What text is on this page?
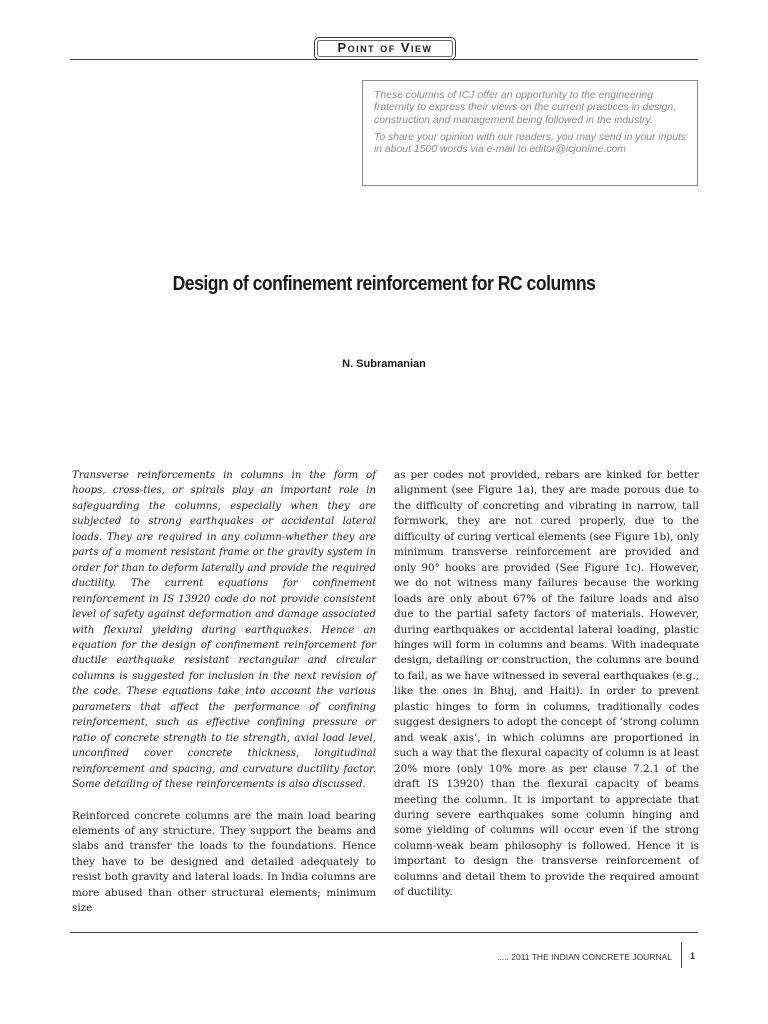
Point of View

These columns of ICJ offer an opportunity to the engineering fraternity to express their views on the current practices in design, construction and management being followed in the industry.

To share your opinion with our readers, you may send in your inputs in about 1500 words via e-mail to editor@icjonline.com

Design of confinement reinforcement for RC columns
N. Subramanian

Transverse reinforcements in columns in the form of hoops, cross-ties, or spirals play an important role in safeguarding the columns, especially when they are subjected to strong earthquakes or accidental lateral loads. They are required in any column-whether they are parts of a moment resistant frame or the gravity system in order for than to deform laterally and provide the required ductility. The current equations for confinement reinforcement in IS 13920 code do not provide consistent level of safety against deformation and damage associated with flexural yielding during earthquakes. Hence an equation for the design of confinement reinforcement for ductile earthquake resistant rectangular and circular columns is suggested for inclusion in the next revision of the code. These equations take into account the various parameters that affect the performance of confining reinforcement, such as effective confining pressure or ratio of concrete strength to tie strength, axial load level, unconfined cover concrete thickness, longitudinal reinforcement and spacing, and curvature ductility factor. Some detailing of these reinforcements is also discussed.

Reinforced concrete columns are the main load bearing elements of any structure. They support the beams and slabs and transfer the loads to the foundations. Hence they have to be designed and detailed adequately to resist both gravity and lateral loads. In India columns are more abused than other structural elements; minimum size

as per codes not provided, rebars are kinked for better alignment (see Figure 1a), they are made porous due to the difficulty of concreting and vibrating in narrow, tall formwork, they are not cured properly, due to the difficulty of curing vertical elements (see Figure 1b), only minimum transverse reinforcement are provided and only 90° hooks are provided (See Figure 1c). However, we do not witness many failures because the working loads are only about 67% of the failure loads and also due to the partial safety factors of materials. However, during earthquakes or accidental lateral loading, plastic hinges will form in columns and beams. With inadequate design, detailing or construction, the columns are bound to fail, as we have witnessed in several earthquakes (e.g., like the ones in Bhuj, and Haiti). In order to prevent plastic hinges to form in columns, traditionally codes suggest designers to adopt the concept of ‘strong column and weak axis’, in which columns are proportioned in such a way that the flexural capacity of column is at least 20% more (only 10% more as per clause 7.2.1 of the draft IS 13920) than the flexural capacity of beams meeting the column. It is important to appreciate that during severe earthquakes some column hinging and some yielding of columns will occur even if the strong column-weak beam philosophy is followed. Hence it is important to design the transverse reinforcement of columns and detail them to provide the required amount of ductility.

..... 2011 THE INDIAN CONCRETE JOURNAL 1
